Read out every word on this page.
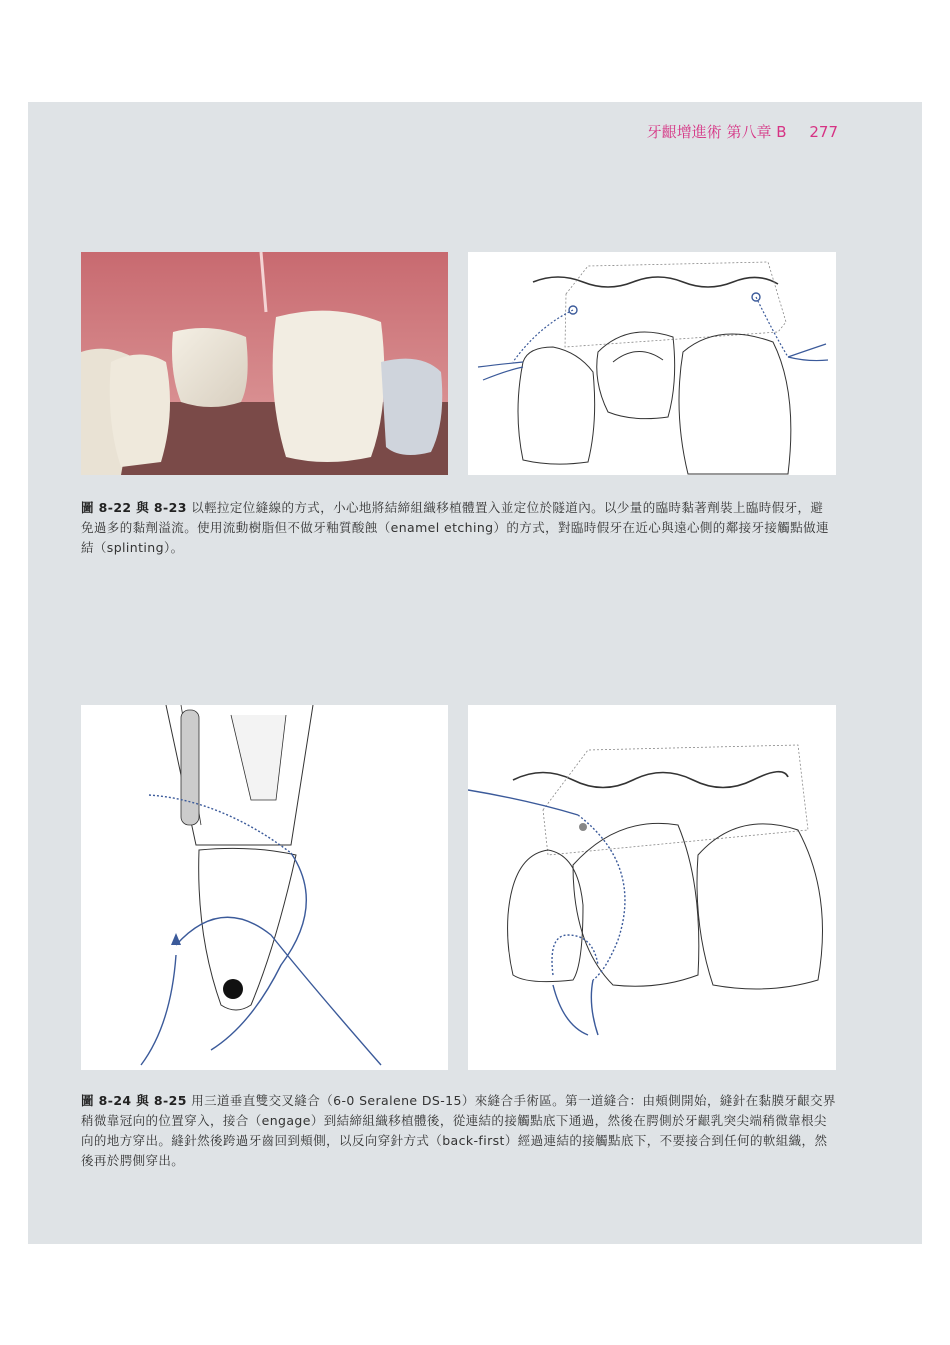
牙齦增進術 第八章 B 277
圖 8-22 與 8-23 以輕拉定位縫線的方式，小心地將結締組織移植體置入並定位於隧道內。以少量的臨時黏著劑裝上臨時假牙，避免過多的黏劑溢流。使用流動樹脂但不做牙釉質酸蝕（enamel etching）的方式，對臨時假牙在近心與遠心側的鄰接牙接觸點做連結（splinting）。
圖 8-24 與 8-25 用三道垂直雙交叉縫合（6-0 Seralene DS-15）來縫合手術區。第一道縫合：由頰側開始，縫針在黏膜牙齦交界稍微靠冠向的位置穿入，接合（engage）到結締組織移植體後，從連結的接觸點底下通過，然後在腭側於牙齦乳突尖端稍微靠根尖向的地方穿出。縫針然後跨過牙齒回到頰側，以反向穿針方式（back-first）經過連結的接觸點底下，不要接合到任何的軟組織，然後再於腭側穿出。
